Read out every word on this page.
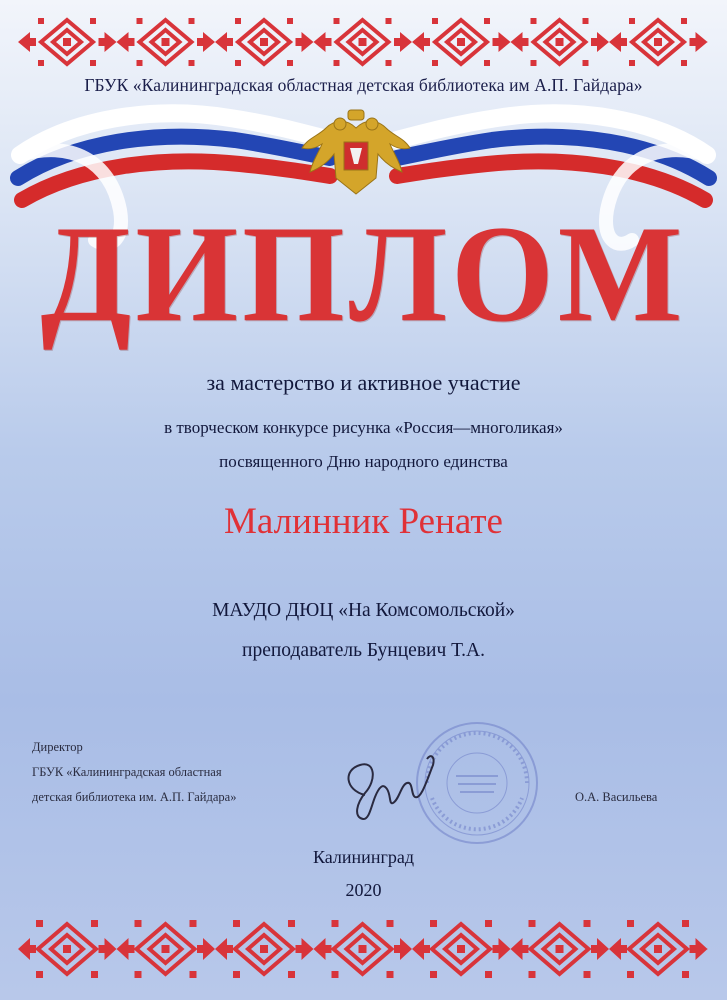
ГБУК «Калининградская областная детская библиотека им А.П. Гайдара»
ДИПЛОМ
за мастерство и активное участие
в творческом конкурсе рисунка «Россия—многоликая»
посвященного Дню народного единства
Малинник Ренате
МАУДО ДЮЦ «На Комсомольской»
преподаватель Бунцевич Т.А.
Директор
ГБУК «Калининградская областная
детская библиотека им. А.П. Гайдара»	О.А. Васильева
Калининград
2020
